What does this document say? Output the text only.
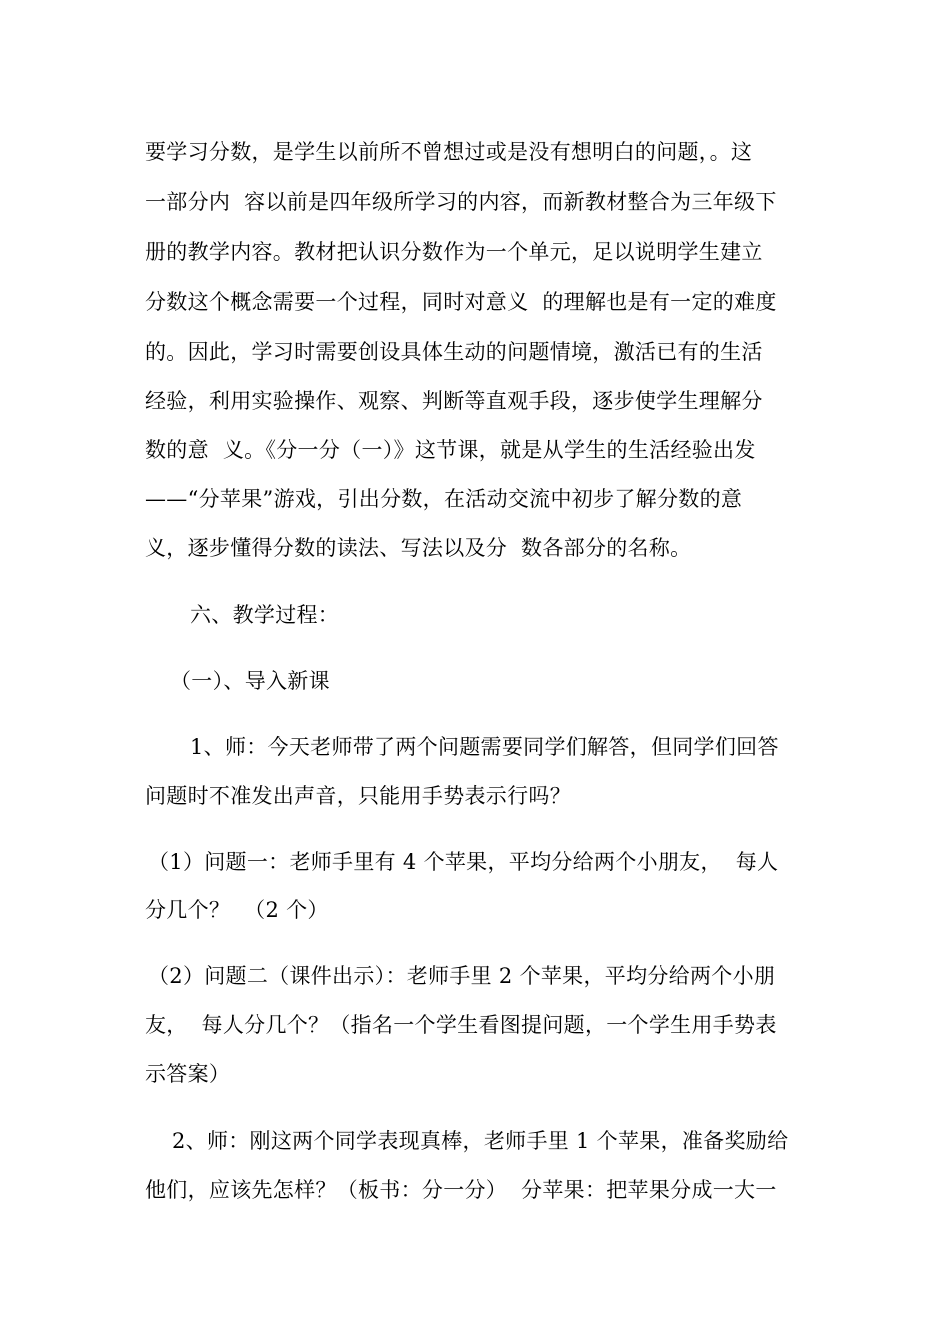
要学习分数，是学生以前所不曾想过或是没有想明白的问题，。这
一部分内  容以前是四年级所学习的内容，而新教材整合为三年级下
册的教学内容。教材把认识分数作为一个单元，足以说明学生建立
分数这个概念需要一个过程，同时对意义  的理解也是有一定的难度
的。因此，学习时需要创设具体生动的问题情境，激活已有的生活
经验，利用实验操作、观察、判断等直观手段，逐步使学生理解分
数的意  义。《分一分（一）》这节课，就是从学生的生活经验出发
——“分苹果”游戏，引出分数，在活动交流中初步了解分数的意
义，逐步懂得分数的读法、写法以及分  数各部分的名称。
六、教学过程：
（一）、导入新课
1、师：今天老师带了两个问题需要同学们解答，但同学们回答
问题时不准发出声音，只能用手势表示行吗？
（1）问题一：老师手里有 4 个苹果，平均分给两个小朋友，  每人
分几个？  （2 个）
（2）问题二（课件出示）：老师手里 2 个苹果，平均分给两个小朋
友，  每人分几个？（指名一个学生看图提问题，一个学生用手势表
示答案）
2、师：刚这两个同学表现真棒，老师手里 1 个苹果，准备奖励给
他们，应该先怎样？（板书：分一分）  分苹果：把苹果分成一大一
